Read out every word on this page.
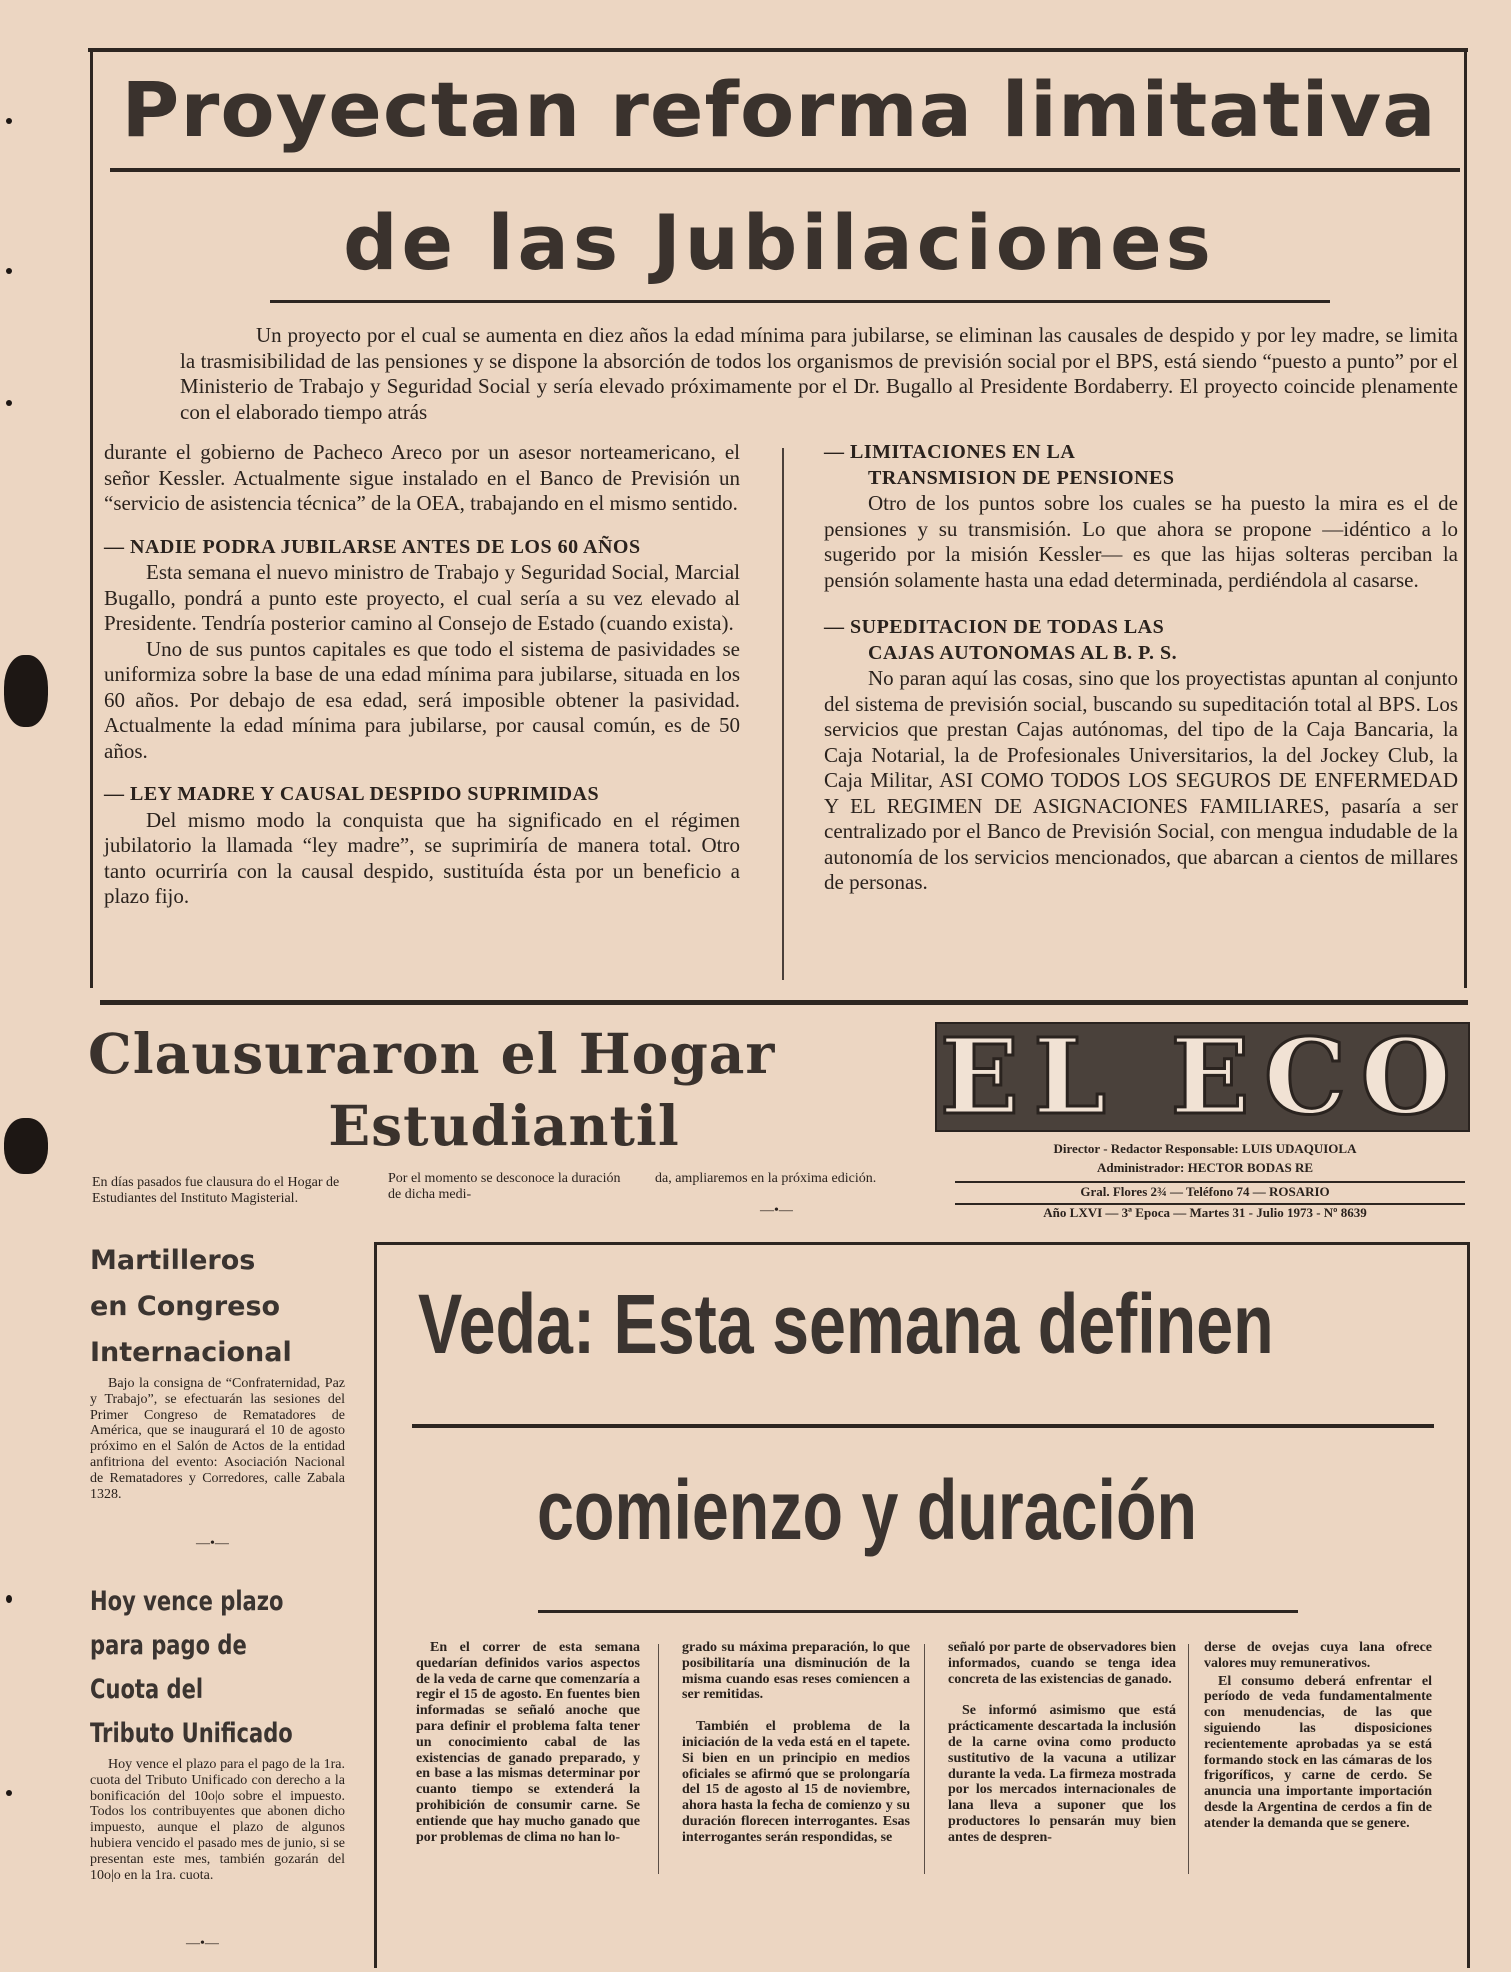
Proyectan reforma limitativa
de las Jubilaciones
Un proyecto por el cual se aumenta en diez años la edad mínima para jubilarse, se eliminan las causales de despido y por ley madre, se limita la trasmisibilidad de las pensiones y se dispone la absorción de todos los organismos de previsión social por el BPS, está siendo “puesto a punto” por el Ministerio de Trabajo y Seguridad Social y sería elevado próximamente por el Dr. Bugallo al Presidente Bordaberry. El proyecto coincide plenamente con el elaborado tiempo atrás

durante el gobierno de Pacheco Areco por un asesor norteamericano, el señor Kessler. Actualmente sigue instalado en el Banco de Previsión un “servicio de asistencia técnica” de la OEA, trabajando en el mismo sentido.

— NADIE PODRA JUBILARSE ANTES DE LOS 60 AÑOS

Esta semana el nuevo ministro de Trabajo y Seguridad Social, Marcial Bugallo, pondrá a punto este proyecto, el cual sería a su vez elevado al Presidente. Tendría posterior camino al Consejo de Estado (cuando exista).

Uno de sus puntos capitales es que todo el sistema de pasividades se uniformiza sobre la base de una edad mínima para jubilarse, situada en los 60 años. Por debajo de esa edad, será imposible obtener la pasividad. Actualmente la edad mínima para jubilarse, por causal común, es de 50 años.

— LEY MADRE Y CAUSAL DESPIDO SUPRIMIDAS

Del mismo modo la conquista que ha significado en el régimen jubilatorio la llamada “ley madre”, se suprimiría de manera total. Otro tanto ocurriría con la causal despido, sustituída ésta por un beneficio a plazo fijo.

— LIMITACIONES EN LA

TRANSMISION DE PENSIONES

Otro de los puntos sobre los cuales se ha puesto la mira es el de pensiones y su transmisión. Lo que ahora se propone —idéntico a lo sugerido por la misión Kessler— es que las hijas solteras perciban la pensión solamente hasta una edad determinada, perdiéndola al casarse.

— SUPEDITACION DE TODAS LAS

CAJAS AUTONOMAS AL B. P. S.

No paran aquí las cosas, sino que los proyectistas apuntan al conjunto del sistema de previsión social, buscando su supeditación total al BPS. Los servicios que prestan Cajas autónomas, del tipo de la Caja Bancaria, la Caja Notarial, la de Profesionales Universitarios, la del Jockey Club, la Caja Militar, ASI COMO TODOS LOS SEGUROS DE ENFERMEDAD Y EL REGIMEN DE ASIGNACIONES FAMILIARES, pasaría a ser centralizado por el Banco de Previsión Social, con mengua indudable de la autonomía de los servicios mencionados, que abarcan a cientos de millares de personas.

Clausuraron el Hogar
Estudiantil
En días pasados fue clausura do el Hogar de Estudiantes del Instituto Magisterial.
Por el momento se desconoce la duración de dicha medi-
da, ampliaremos en la próxima edición.
—•—
EL ECO
Director - Redactor Responsable: LUIS UDAQUIOLA
Administrador: HECTOR BODAS RE
Gral. Flores 2¾ — Teléfono 74 — ROSARIO
Año LXVI — 3ª Epoca — Martes 31 - Julio 1973 - Nº 8639
Martilleros
en Congreso
Internacional
Bajo la consigna de “Confraternidad, Paz y Trabajo”, se efectuarán las sesiones del Primer Congreso de Rematadores de América, que se inaugurará el 10 de agosto próximo en el Salón de Actos de la entidad anfitriona del evento: Asociación Nacional de Rematadores y Corredores, calle Zabala 1328.
—•—
Hoy vence plazo
para pago de
Cuota del
Tributo Unificado
Hoy vence el plazo para el pago de la 1ra. cuota del Tributo Unificado con derecho a la bonificación del 10o|o sobre el impuesto. Todos los contribuyentes que abonen dicho impuesto, aunque el plazo de algunos hubiera vencido el pasado mes de junio, si se presentan este mes, también gozarán del 10o|o en la 1ra. cuota.
—•—
Veda: Esta semana definen
comienzo y duración

En el correr de esta semana quedarían definidos varios aspectos de la veda de carne que comenzaría a regir el 15 de agosto. En fuentes bien informadas se señaló anoche que para definir el problema falta tener un conocimiento cabal de las existencias de ganado preparado, y en base a las mismas determinar por cuanto tiempo se extenderá la prohibición de consumir carne. Se entiende que hay mucho ganado que por problemas de clima no han lo-

grado su máxima preparación, lo que posibilitaría una disminución de la misma cuando esas reses comiencen a ser remitidas.

También el problema de la iniciación de la veda está en el tapete. Si bien en un principio en medios oficiales se afirmó que se prolongaría del 15 de agosto al 15 de noviembre, ahora hasta la fecha de comienzo y su duración florecen interrogantes. Esas interrogantes serán respondidas, se

señaló por parte de observadores bien informados, cuando se tenga idea concreta de las existencias de ganado.

Se informó asimismo que está prácticamente descartada la inclusión de la carne ovina como producto sustitutivo de la vacuna a utilizar durante la veda. La firmeza mostrada por los mercados internacionales de lana lleva a suponer que los productores lo pensarán muy bien antes de despren-

derse de ovejas cuya lana ofrece valores muy remunerativos.

El consumo deberá enfrentar el período de veda fundamentalmente con menudencias, de las que siguiendo las disposiciones recientemente aprobadas ya se está formando stock en las cámaras de los frigoríficos, y carne de cerdo. Se anuncia una importante importación desde la Argentina de cerdos a fin de atender la demanda que se genere.
